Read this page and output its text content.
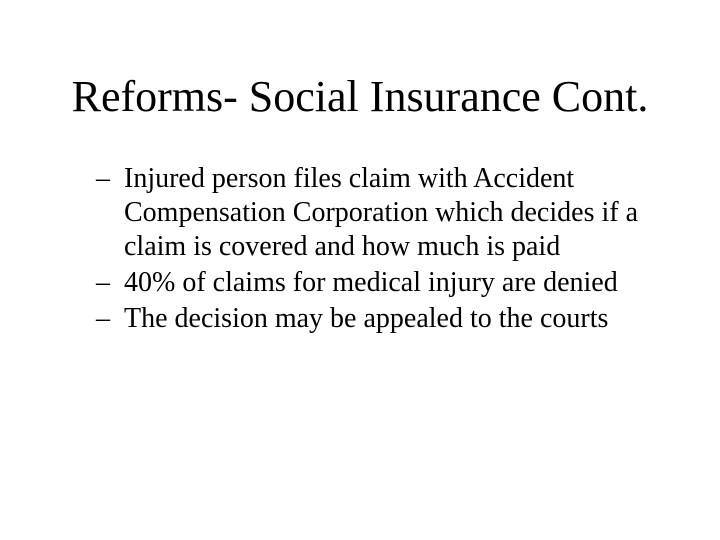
Reforms- Social Insurance Cont.
– Injured person files claim with Accident Compensation Corporation which decides if a claim is covered and how much is paid
– 40% of claims for medical injury are denied
– The decision may be appealed to the courts
